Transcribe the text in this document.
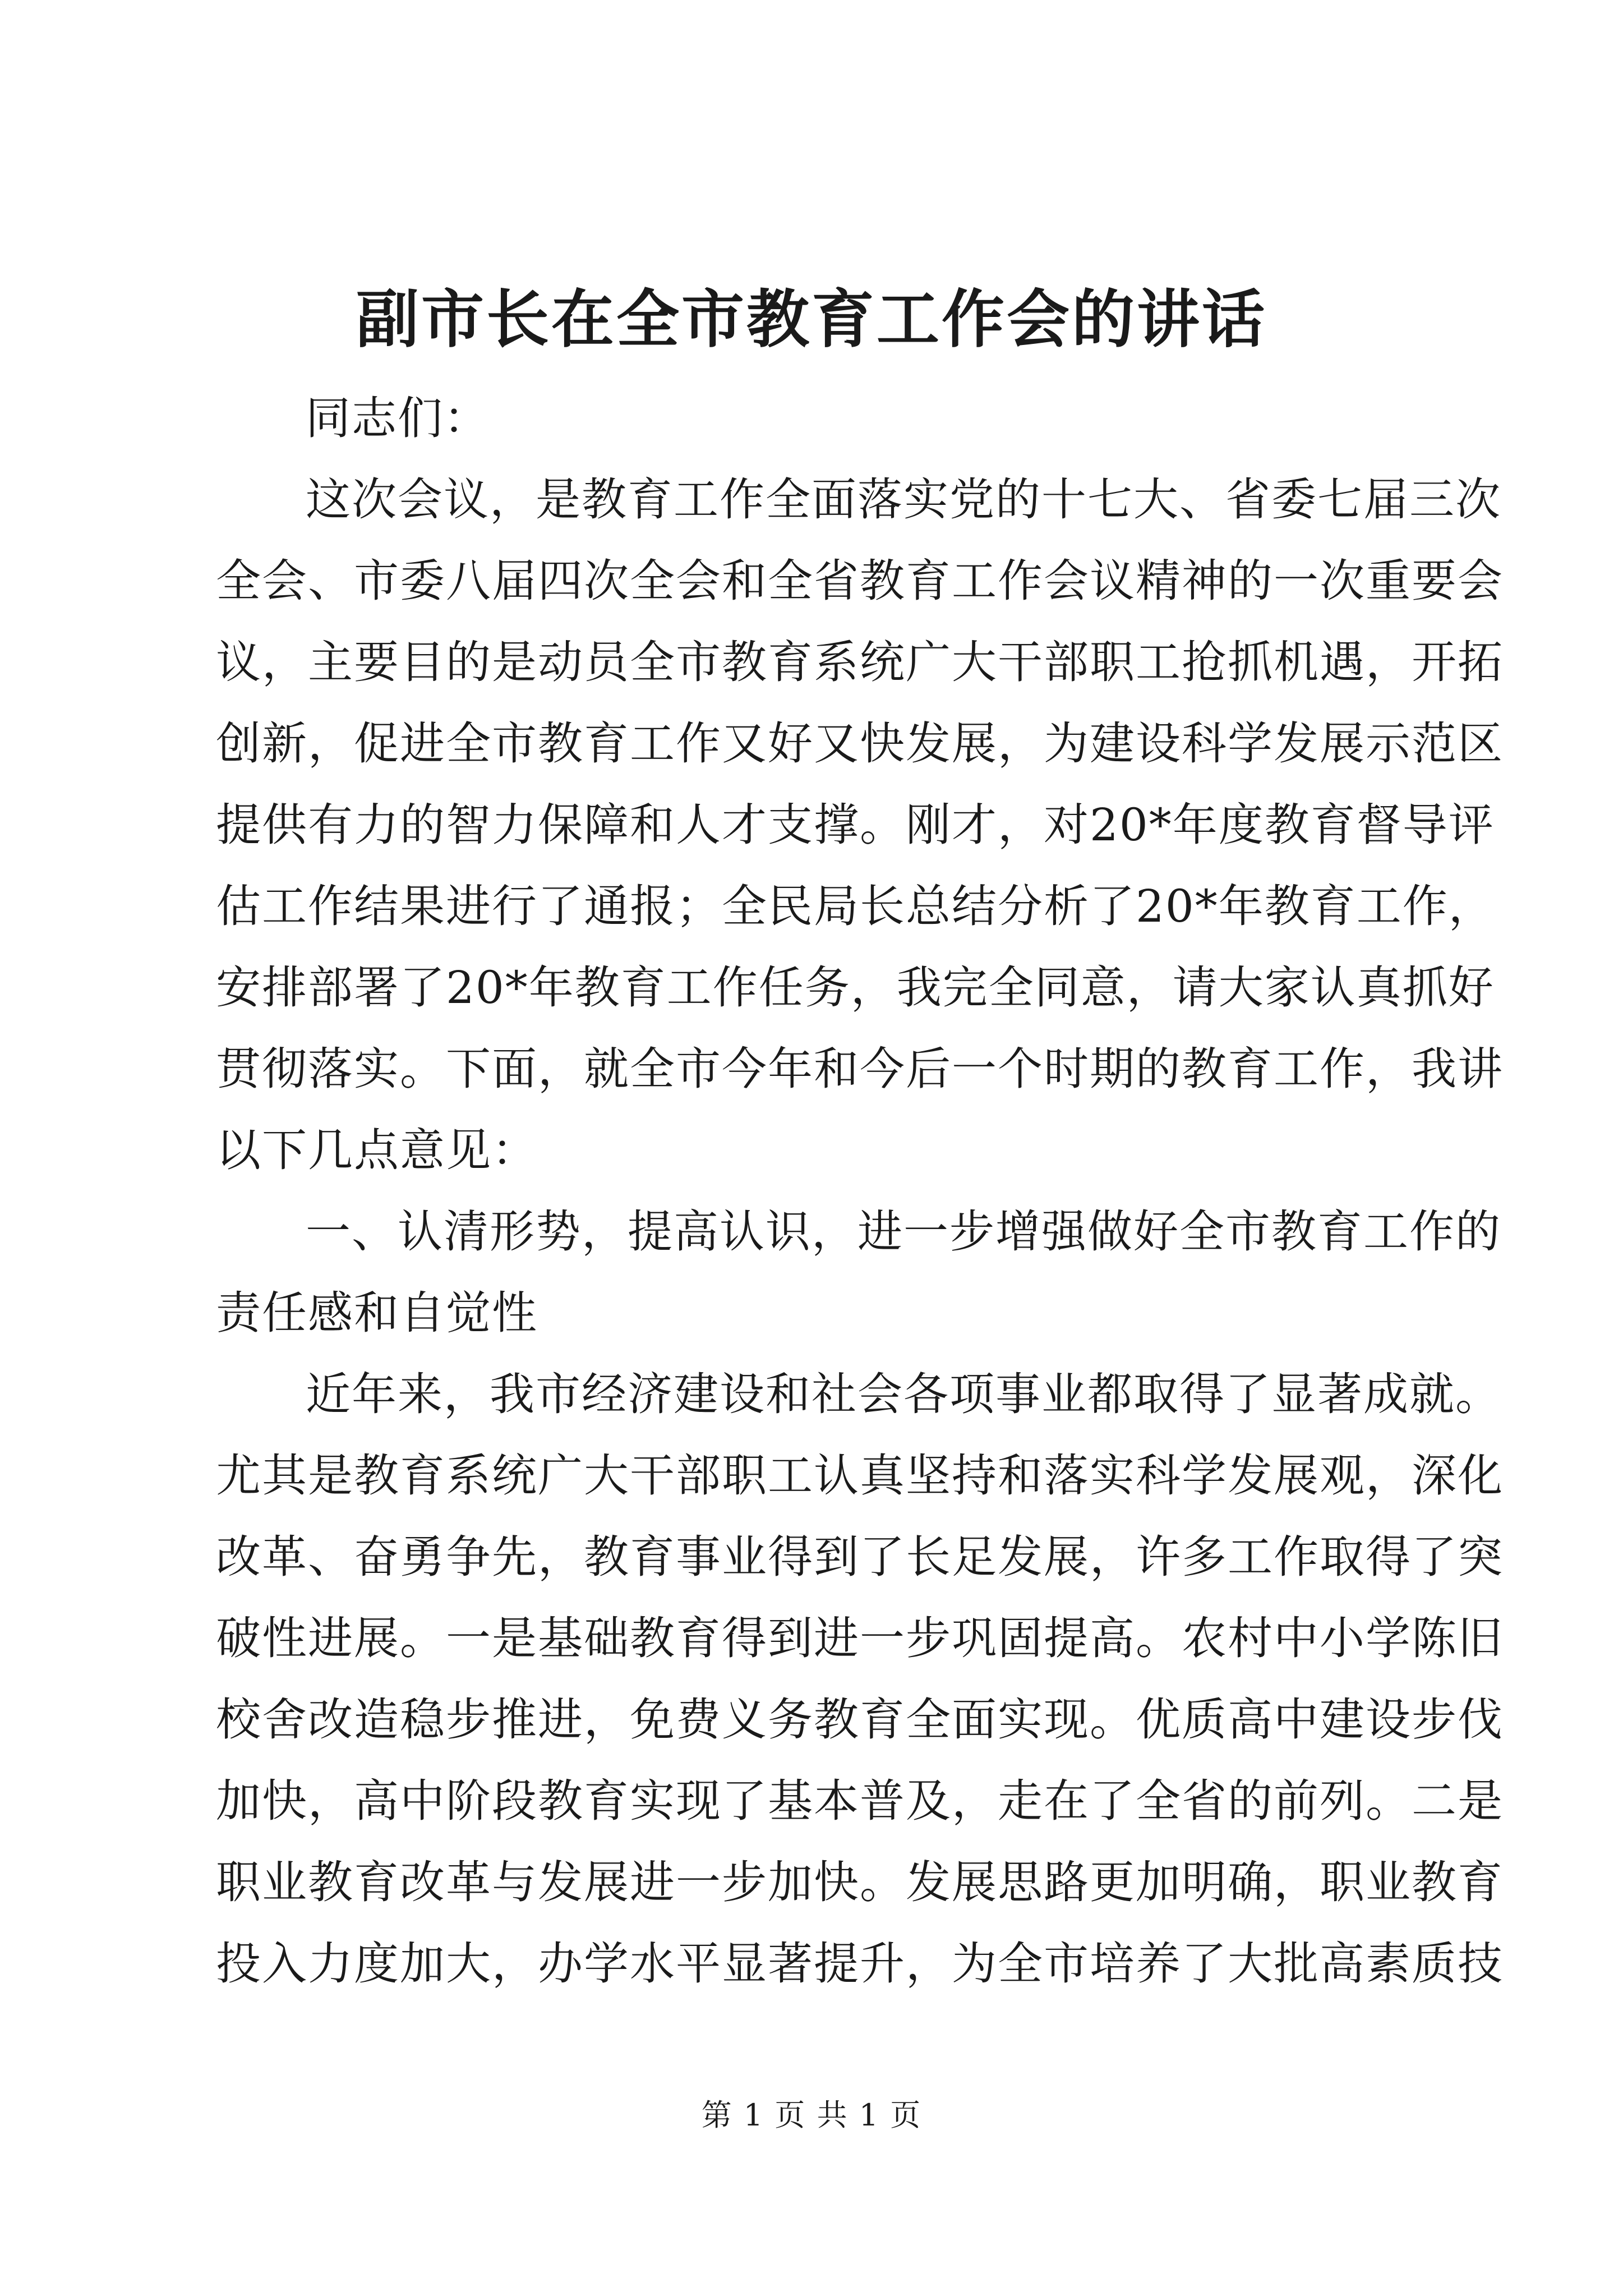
副市长在全市教育工作会的讲话
同志们：
这次会议，是教育工作全面落实党的十七大、省委七届三次
全会、市委八届四次全会和全省教育工作会议精神的一次重要会
议，主要目的是动员全市教育系统广大干部职工抢抓机遇，开拓
创新，促进全市教育工作又好又快发展，为建设科学发展示范区
提供有力的智力保障和人才支撑。刚才，对20*年度教育督导评
估工作结果进行了通报；全民局长总结分析了20*年教育工作，
安排部署了20*年教育工作任务，我完全同意，请大家认真抓好
贯彻落实。下面，就全市今年和今后一个时期的教育工作，我讲
以下几点意见：
一、认清形势，提高认识，进一步增强做好全市教育工作的
责任感和自觉性
近年来，我市经济建设和社会各项事业都取得了显著成就。
尤其是教育系统广大干部职工认真坚持和落实科学发展观，深化
改革、奋勇争先，教育事业得到了长足发展，许多工作取得了突
破性进展。一是基础教育得到进一步巩固提高。农村中小学陈旧
校舍改造稳步推进，免费义务教育全面实现。优质高中建设步伐
加快，高中阶段教育实现了基本普及，走在了全省的前列。二是
职业教育改革与发展进一步加快。发展思路更加明确，职业教育
投入力度加大，办学水平显著提升，为全市培养了大批高素质技
第 1 页 共 1 页
